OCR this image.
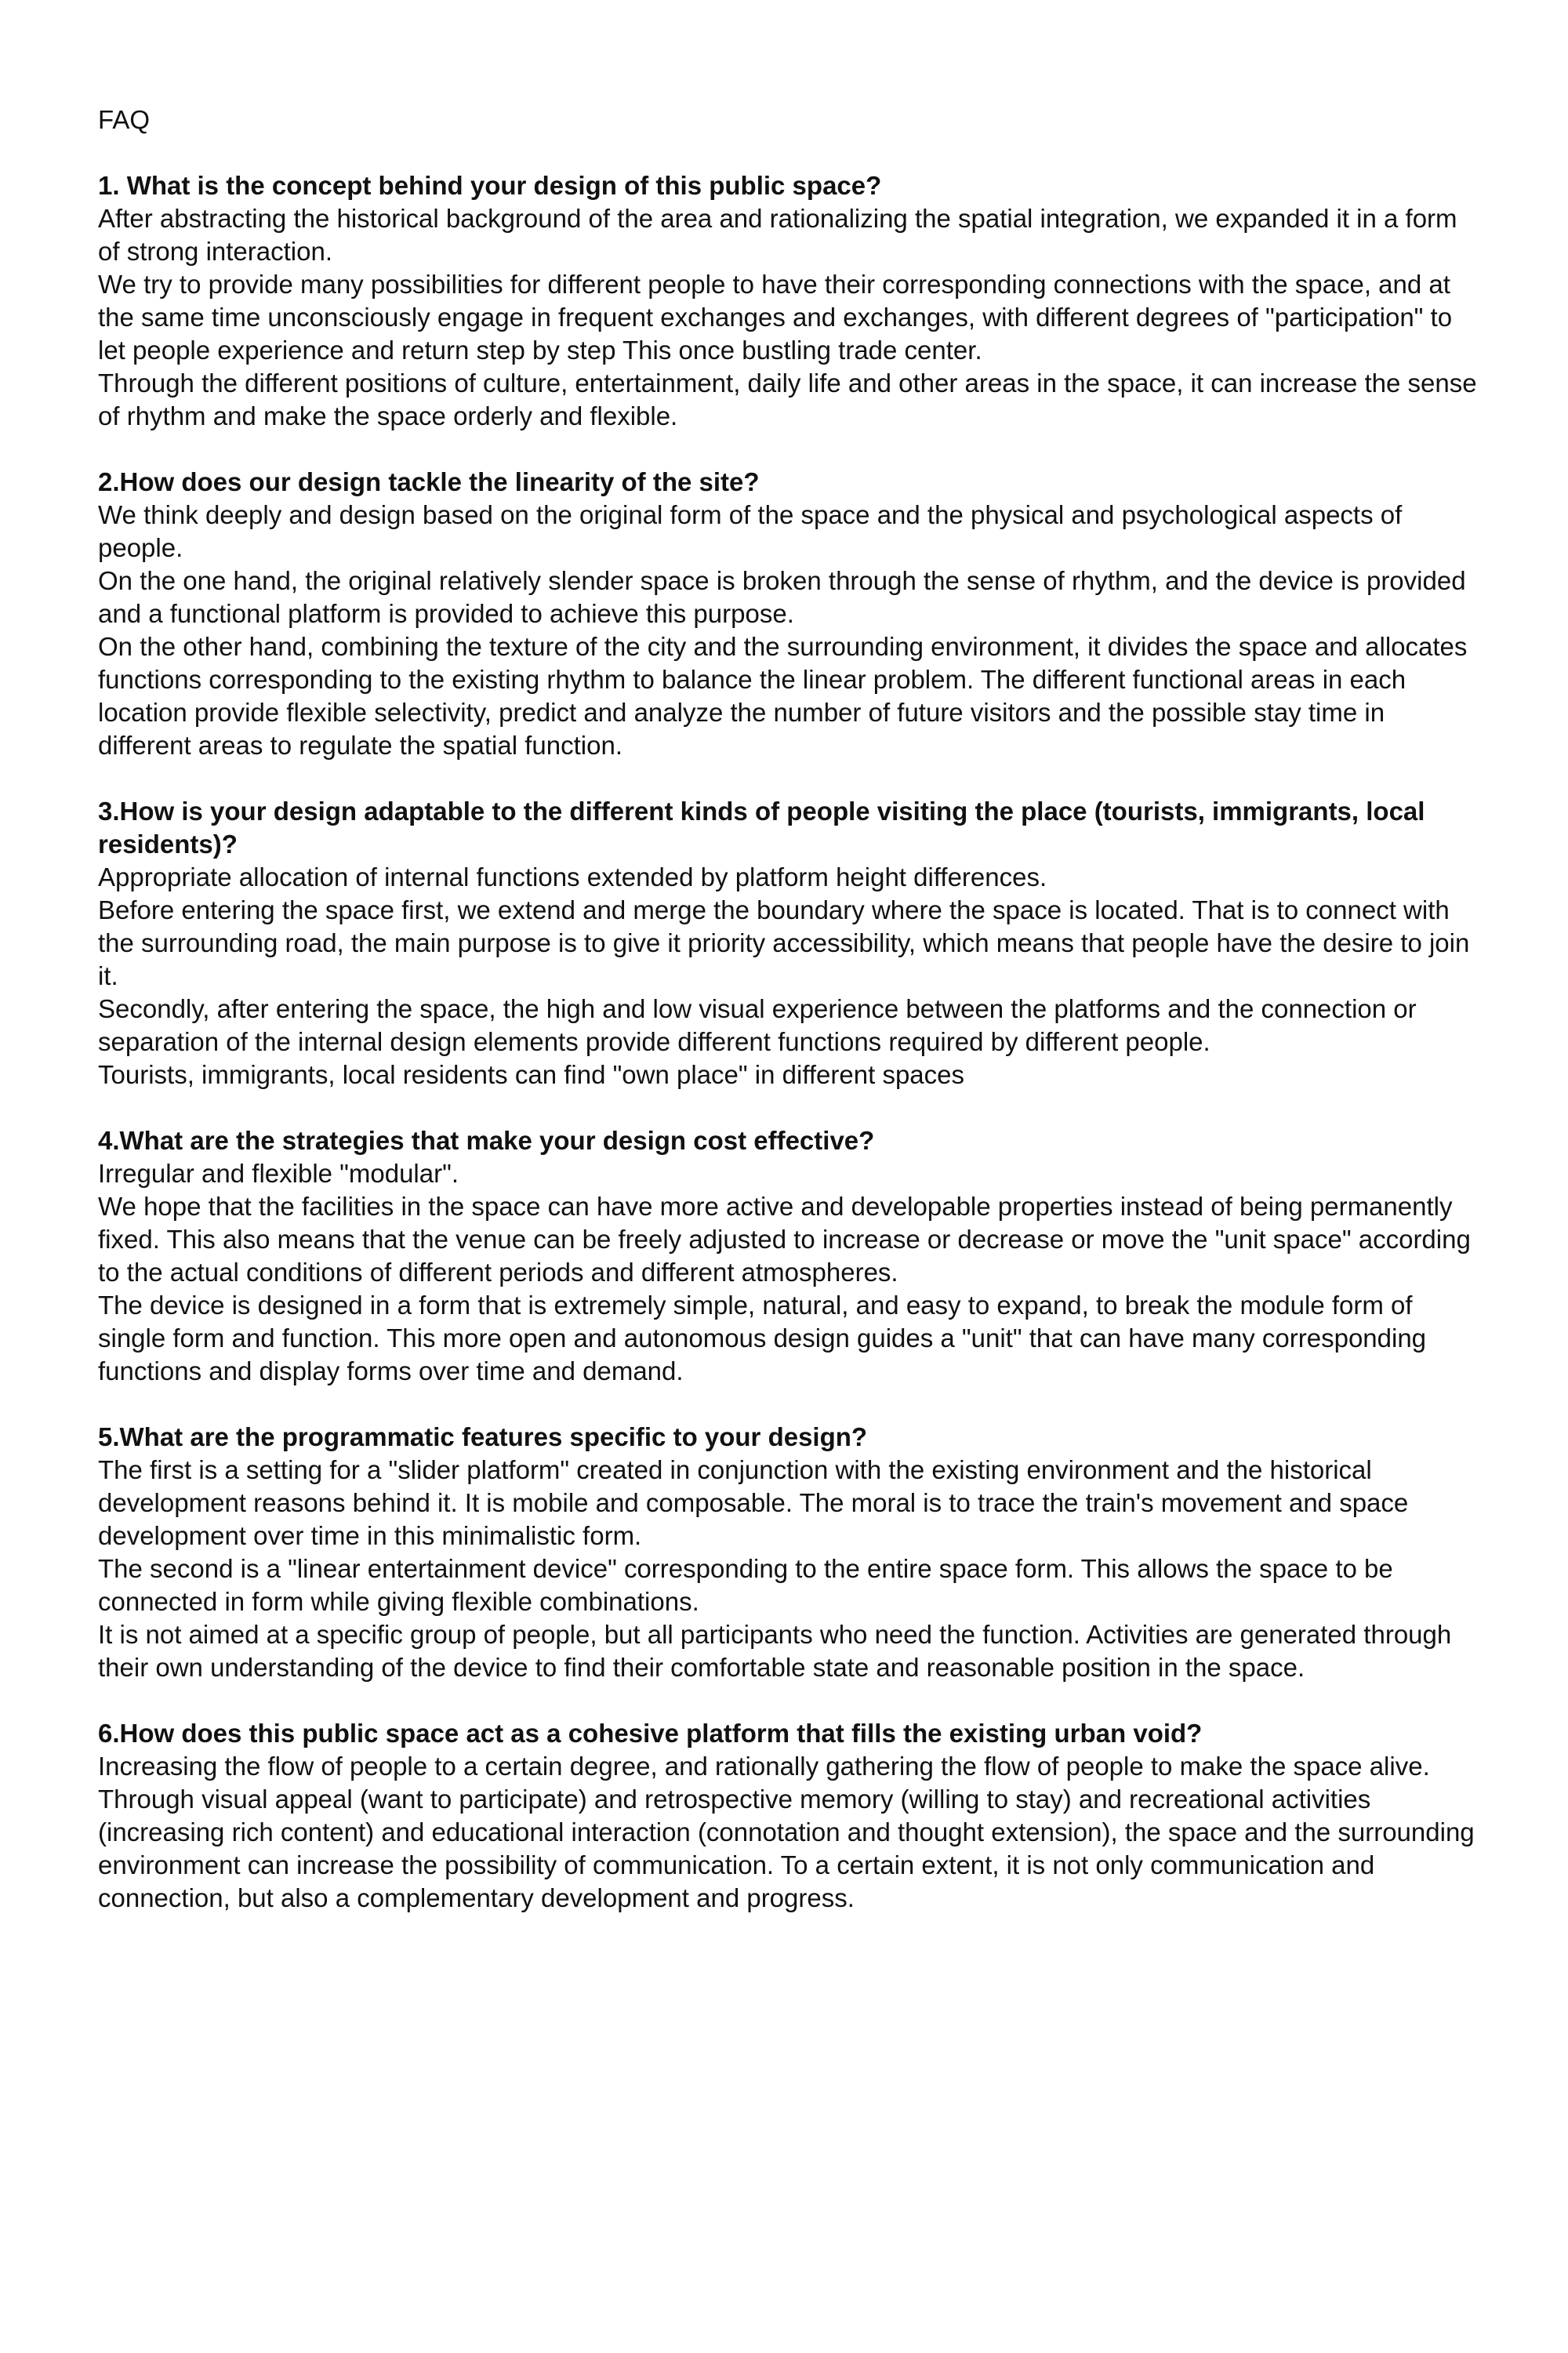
FAQ

1. What is the concept behind your design of this public space?

After abstracting the historical background of the area and rationalizing the spatial integration, we expanded it in a form of strong interaction.

We try to provide many possibilities for different people to have their corresponding connections with the space, and at the same time unconsciously engage in frequent exchanges and exchanges, with different degrees of "participation" to let people experience and return step by step This once bustling trade center.

Through the different positions of culture, entertainment, daily life and other areas in the space, it can increase the sense of rhythm and make the space orderly and flexible.

2.How does our design tackle the linearity of the site?

We think deeply and design based on the original form of the space and the physical and psychological aspects of people.

On the one hand, the original relatively slender space is broken through the sense of rhythm, and the device is provided and a functional platform is provided to achieve this purpose.

On the other hand, combining the texture of the city and the surrounding environment, it divides the space and allocates functions corresponding to the existing rhythm to balance the linear problem. The different functional areas in each location provide flexible selectivity, predict and analyze the number of future visitors and the possible stay time in different areas to regulate the spatial function.

3.How is your design adaptable to the different kinds of people visiting the place (tourists, immigrants, local residents)?

Appropriate allocation of internal functions extended by platform height differences.

Before entering the space first, we extend and merge the boundary where the space is located. That is to connect with the surrounding road, the main purpose is to give it priority accessibility, which means that people have the desire to join it.

Secondly, after entering the space, the high and low visual experience between the platforms and the connection or separation of the internal design elements provide different functions required by different people.

Tourists, immigrants, local residents can find "own place" in different spaces

4.What are the strategies that make your design cost effective?

Irregular and flexible "modular".

We hope that the facilities in the space can have more active and developable properties instead of being permanently fixed. This also means that the venue can be freely adjusted to increase or decrease or move the "unit space" according to the actual conditions of different periods and different atmospheres.

The device is designed in a form that is extremely simple, natural, and easy to expand, to break the module form of single form and function. This more open and autonomous design guides a "unit" that can have many corresponding functions and display forms over time and demand.

5.What are the programmatic features specific to your design?

The first is a setting for a "slider platform" created in conjunction with the existing environment and the historical development reasons behind it. It is mobile and composable. The moral is to trace the train's movement and space development over time in this minimalistic form.

The second is a "linear entertainment device" corresponding to the entire space form. This allows the space to be connected in form while giving flexible combinations.

It is not aimed at a specific group of people, but all participants who need the function. Activities are generated through their own understanding of the device to find their comfortable state and reasonable position in the space.

6.How does this public space act as a cohesive platform that fills the existing urban void?

Increasing the flow of people to a certain degree, and rationally gathering the flow of people to make the space alive.

Through visual appeal (want to participate) and retrospective memory (willing to stay) and recreational activities (increasing rich content) and educational interaction (connotation and thought extension), the space and the surrounding environment can increase the possibility of communication. To a certain extent, it is not only communication and connection, but also a complementary development and progress.
